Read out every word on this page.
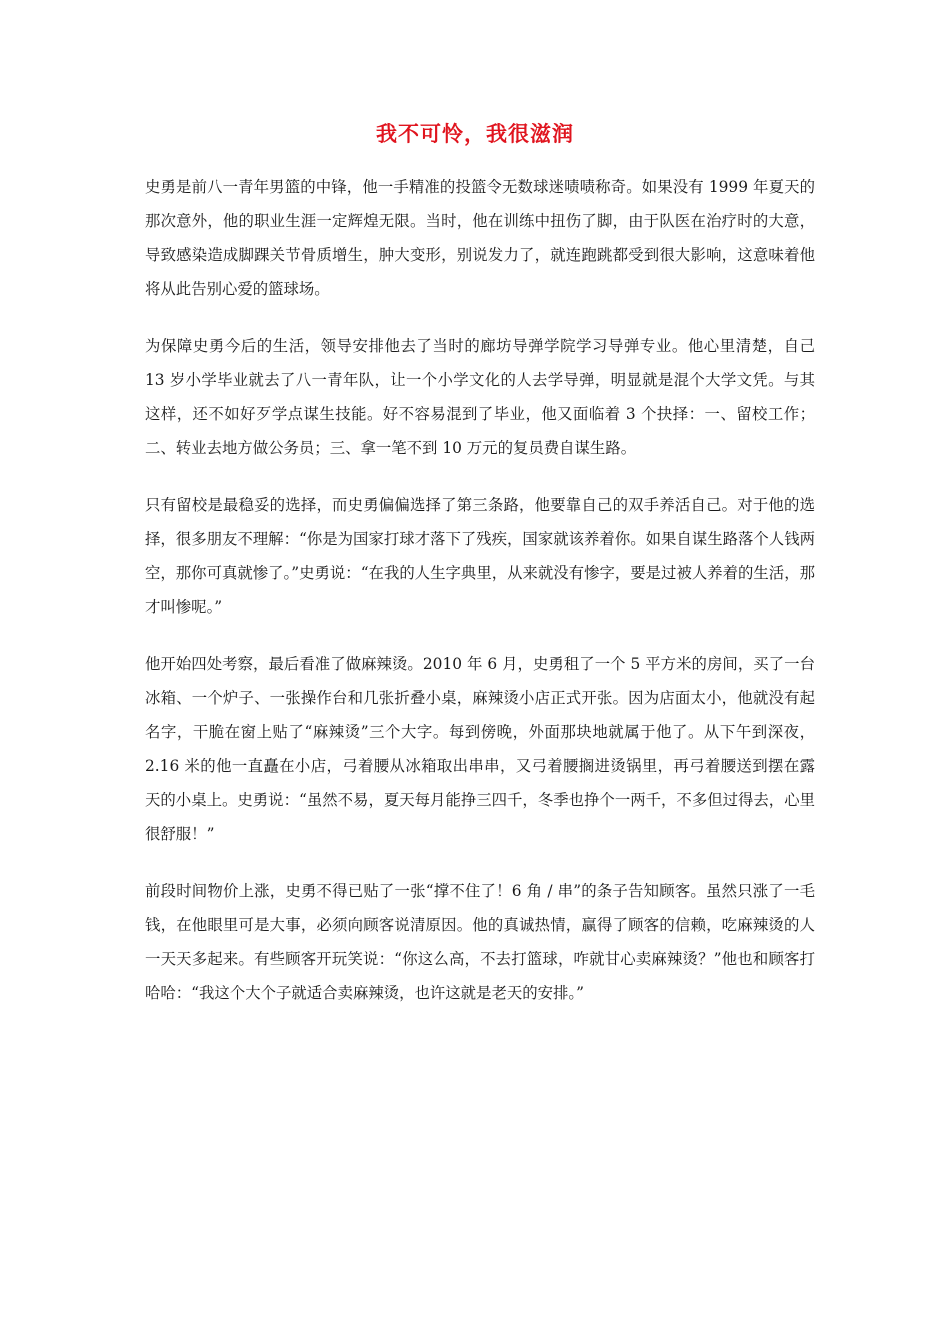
我不可怜，我很滋润

史勇是前八一青年男篮的中锋，他一手精准的投篮令无数球迷啧啧称奇。如果没有 1999 年夏天的那次意外，他的职业生涯一定辉煌无限。当时，他在训练中扭伤了脚，由于队医在治疗时的大意，导致感染造成脚踝关节骨质增生，肿大变形，别说发力了，就连跑跳都受到很大影响，这意味着他将从此告别心爱的篮球场。

为保障史勇今后的生活，领导安排他去了当时的廊坊导弹学院学习导弹专业。他心里清楚，自己 13 岁小学毕业就去了八一青年队，让一个小学文化的人去学导弹，明显就是混个大学文凭。与其这样，还不如好歹学点谋生技能。好不容易混到了毕业，他又面临着 3 个抉择：一、留校工作；二、转业去地方做公务员；三、拿一笔不到 10 万元的复员费自谋生路。

只有留校是最稳妥的选择，而史勇偏偏选择了第三条路，他要靠自己的双手养活自己。对于他的选择，很多朋友不理解：“你是为国家打球才落下了残疾，国家就该养着你。如果自谋生路落个人钱两空，那你可真就惨了。”史勇说：“在我的人生字典里，从来就没有惨字，要是过被人养着的生活，那才叫惨呢。”

他开始四处考察，最后看准了做麻辣烫。2010 年 6 月，史勇租了一个 5 平方米的房间，买了一台冰箱、一个炉子、一张操作台和几张折叠小桌，麻辣烫小店正式开张。因为店面太小，他就没有起名字，干脆在窗上贴了“麻辣烫”三个大字。每到傍晚，外面那块地就属于他了。从下午到深夜，2.16 米的他一直矗在小店，弓着腰从冰箱取出串串，又弓着腰搁进烫锅里，再弓着腰送到摆在露天的小桌上。史勇说：“虽然不易，夏天每月能挣三四千，冬季也挣个一两千，不多但过得去，心里很舒服！”

前段时间物价上涨，史勇不得已贴了一张“撑不住了！6 角 / 串”的条子告知顾客。虽然只涨了一毛钱，在他眼里可是大事，必须向顾客说清原因。他的真诚热情，赢得了顾客的信赖，吃麻辣烫的人一天天多起来。有些顾客开玩笑说：“你这么高，不去打篮球，咋就甘心卖麻辣烫？”他也和顾客打哈哈：“我这个大个子就适合卖麻辣烫，也许这就是老天的安排。”
